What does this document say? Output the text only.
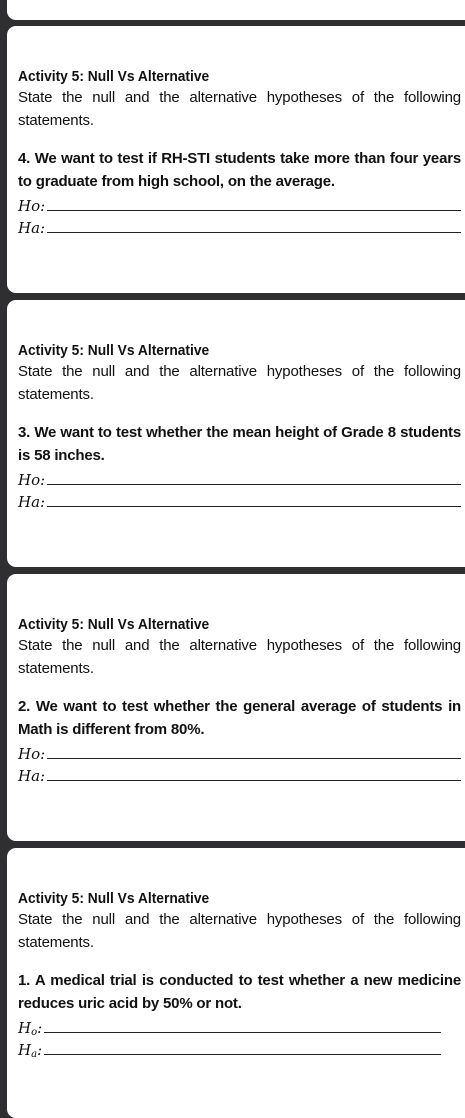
Activity 5: Null Vs Alternative
State the null and the alternative hypotheses of the following statements.
4. We want to test if RH-STI students take more than four years to graduate from high school, on the average.
Ho:
Ha:
Activity 5: Null Vs Alternative
State the null and the alternative hypotheses of the following statements.
3. We want to test whether the mean height of Grade 8 students is 58 inches.
Ho:
Ha:
Activity 5: Null Vs Alternative
State the null and the alternative hypotheses of the following statements.
2. We want to test whether the general average of students in Math is different from 80%.
Ho:
Ha:
Activity 5: Null Vs Alternative
State the null and the alternative hypotheses of the following statements.
1. A medical trial is conducted to test whether a new medicine reduces uric acid by 50% or not.
$H_o$:
$H_a$:
